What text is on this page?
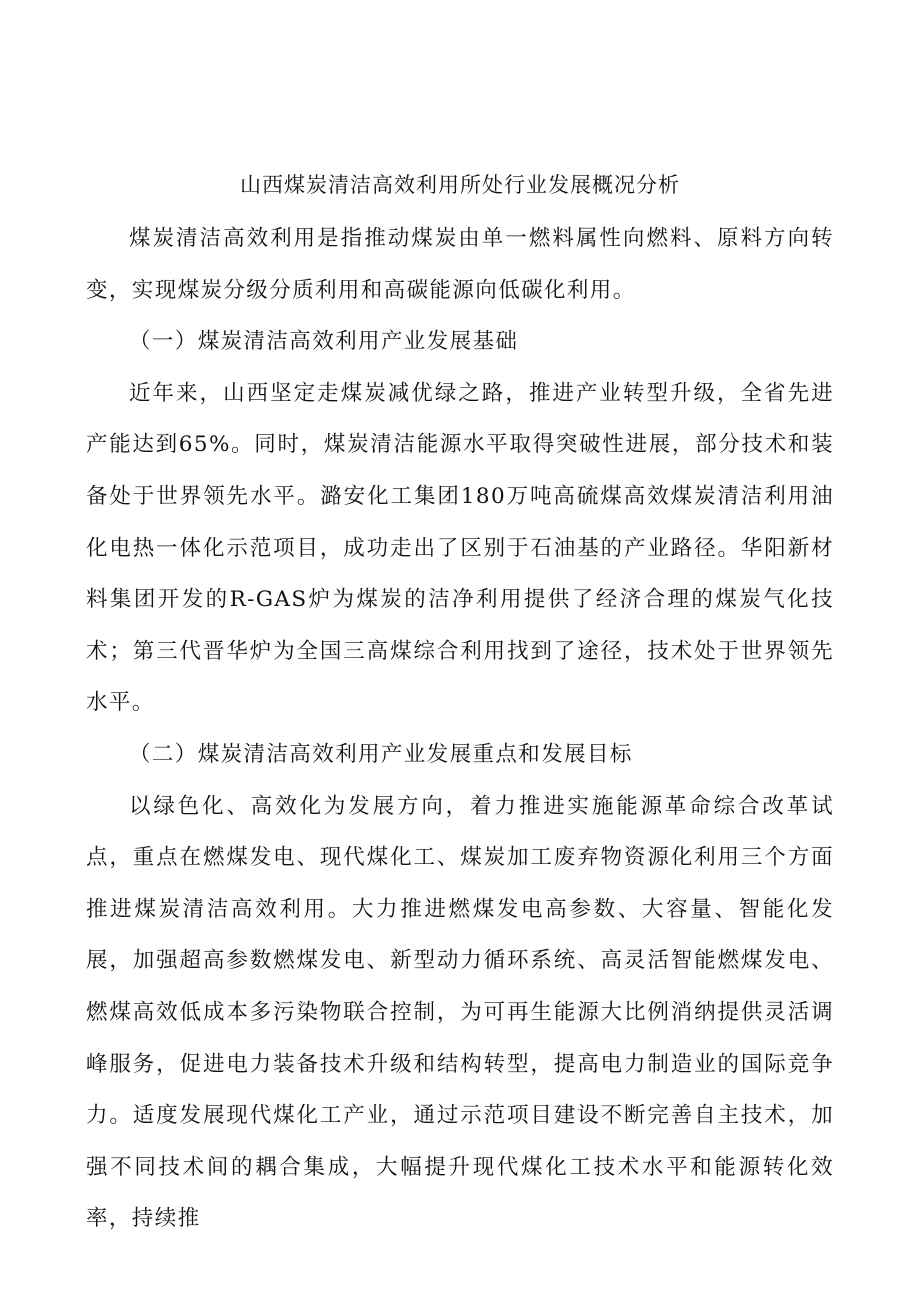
山西煤炭清洁高效利用所处行业发展概况分析

煤炭清洁高效利用是指推动煤炭由单一燃料属性向燃料、原料方向转变，实现煤炭分级分质利用和高碳能源向低碳化利用。

（一）煤炭清洁高效利用产业发展基础

近年来，山西坚定走煤炭减优绿之路，推进产业转型升级，全省先进产能达到65%。同时，煤炭清洁能源水平取得突破性进展，部分技术和装备处于世界领先水平。潞安化工集团180万吨高硫煤高效煤炭清洁利用油化电热一体化示范项目，成功走出了区别于石油基的产业路径。华阳新材料集团开发的R-GAS炉为煤炭的洁净利用提供了经济合理的煤炭气化技术；第三代晋华炉为全国三高煤综合利用找到了途径，技术处于世界领先水平。

（二）煤炭清洁高效利用产业发展重点和发展目标

以绿色化、高效化为发展方向，着力推进实施能源革命综合改革试点，重点在燃煤发电、现代煤化工、煤炭加工废弃物资源化利用三个方面推进煤炭清洁高效利用。大力推进燃煤发电高参数、大容量、智能化发展，加强超高参数燃煤发电、新型动力循环系统、高灵活智能燃煤发电、燃煤高效低成本多污染物联合控制，为可再生能源大比例消纳提供灵活调峰服务，促进电力装备技术升级和结构转型，提高电力制造业的国际竞争力。适度发展现代煤化工产业，通过示范项目建设不断完善自主技术，加强不同技术间的耦合集成，大幅提升现代煤化工技术水平和能源转化效率，持续推
